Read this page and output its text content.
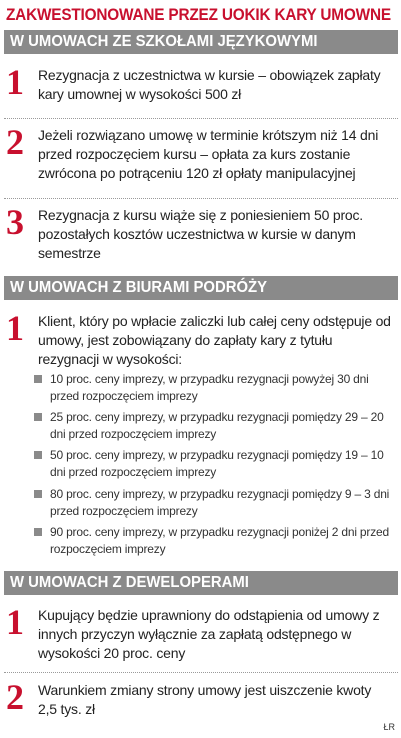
ZAKWESTIONOWANE PRZEZ UOKIK KARY UMOWNE
W UMOWACH ZE SZKOŁAMI JĘZYKOWYMI
1 Rezygnacja z uczestnictwa w kursie – obowiązek zapłaty kary umownej w wysokości 500 zł
2 Jeżeli rozwiązano umowę w terminie krótszym niż 14 dni przed rozpoczęciem kursu – opłata za kurs zostanie zwrócona po potrąceniu 120 zł opłaty manipulacyjnej
3 Rezygnacja z kursu wiąże się z poniesieniem 50 proc. pozostałych kosztów uczestnictwa w kursie w danym semestrze
W UMOWACH Z BIURAMI PODRÓŻY
1 Klient, który po wpłacie zaliczki lub całej ceny odstępuje od umowy, jest zobowiązany do zapłaty kary z tytułu rezygnacji w wysokości:
10 proc. ceny imprezy, w przypadku rezygnacji powyżej 30 dni przed rozpoczęciem imprezy
25 proc. ceny imprezy, w przypadku rezygnacji pomiędzy 29 – 20 dni przed rozpoczęciem imprezy
50 proc. ceny imprezy, w przypadku rezygnacji pomiędzy 19 – 10 dni przed rozpoczęciem imprezy
80 proc. ceny imprezy, w przypadku rezygnacji pomiędzy 9 – 3 dni przed rozpoczęciem imprezy
90 proc. ceny imprezy, w przypadku rezygnacji poniżej 2 dni przed rozpoczęciem imprezy
W UMOWACH Z DEWELOPERAMI
1 Kupujący będzie uprawniony do odstąpienia od umowy z innych przyczyn wyłącznie za zapłatą odstępnego w wysokości 20 proc. ceny
2 Warunkiem zmiany strony umowy jest uiszczenie kwoty 2,5 tys. zł
ŁR
